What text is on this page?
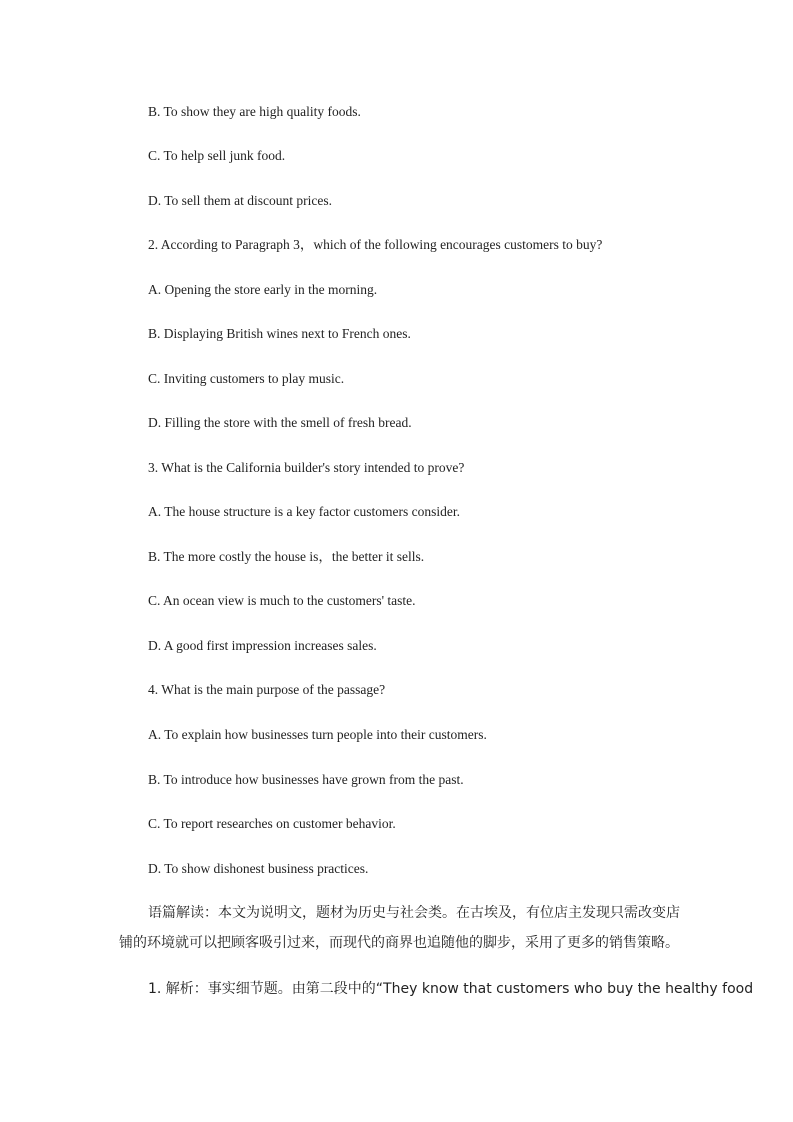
B. To show they are high quality foods.
C. To help sell junk food.
D. To sell them at discount prices.
2. According to Paragraph 3，which of the following encourages customers to buy?
A. Opening the store early in the morning.
B. Displaying British wines next to French ones.
C. Inviting customers to play music.
D. Filling the store with the smell of fresh bread.
3. What is the California builder's story intended to prove?
A. The house structure is a key factor customers consider.
B. The more costly the house is，the better it sells.
C. An ocean view is much to the customers' taste.
D. A good first impression increases sales.
4. What is the main purpose of the passage?
A. To explain how businesses turn people into their customers.
B. To introduce how businesses have grown from the past.
C. To report researches on customer behavior.
D. To show dishonest business practices.
语篇解读：本文为说明文，题材为历史与社会类。在古埃及，有位店主发现只需改变店
铺的环境就可以把顾客吸引过来，而现代的商界也追随他的脚步，采用了更多的销售策略。
1. 解析：事实细节题。由第二段中的“They know that customers who buy the healthy food
